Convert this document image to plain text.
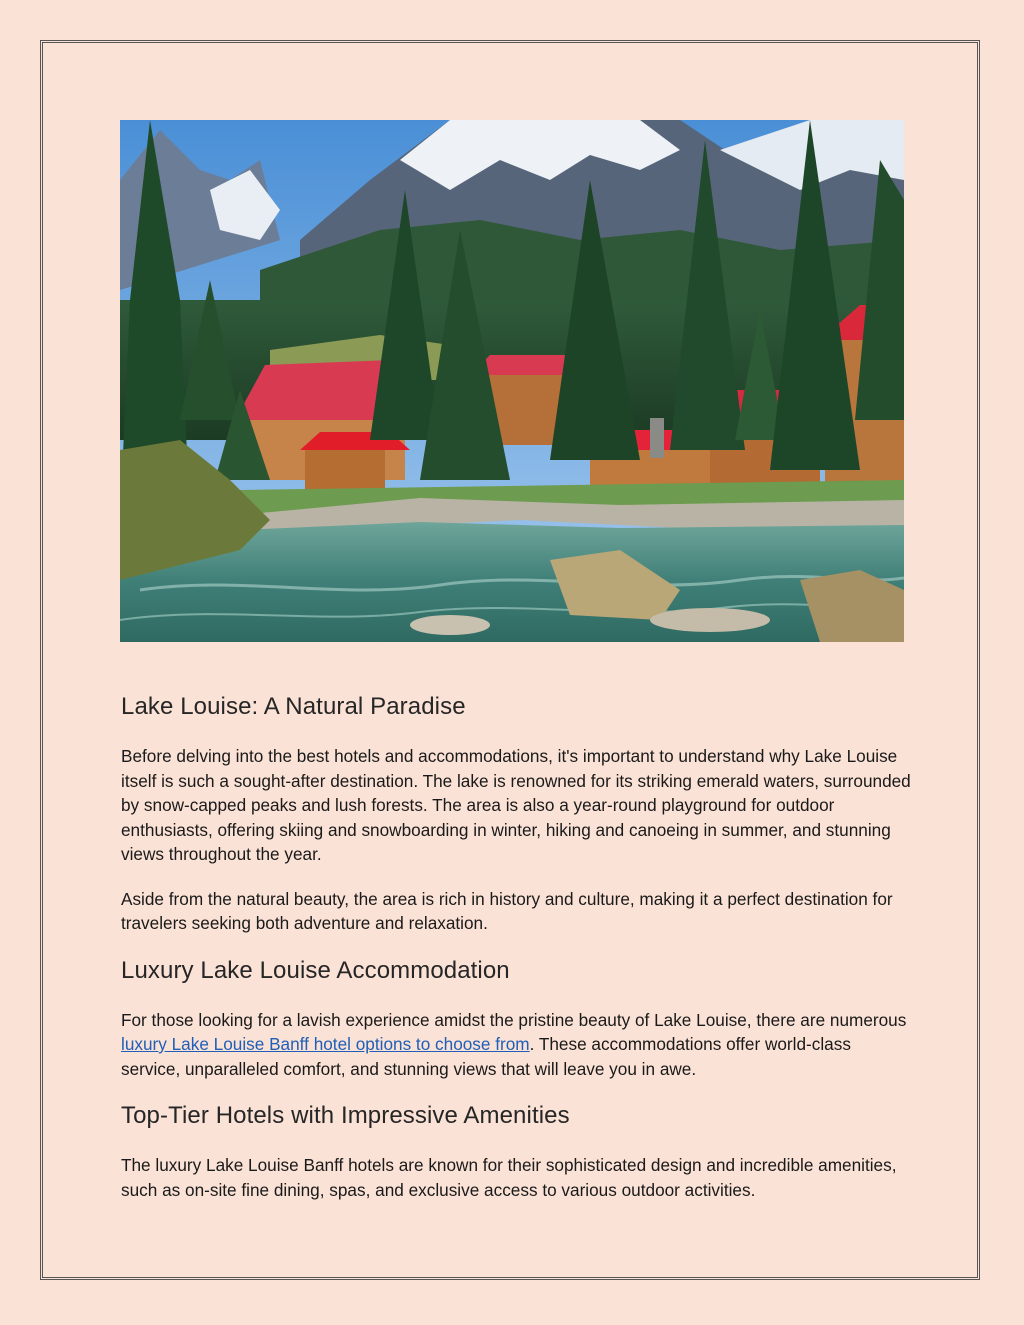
Lake Louise: A Natural Paradise

Before delving into the best hotels and accommodations, it's important to understand why Lake Louise itself is such a sought-after destination. The lake is renowned for its striking emerald waters, surrounded by snow-capped peaks and lush forests. The area is also a year-round playground for outdoor enthusiasts, offering skiing and snowboarding in winter, hiking and canoeing in summer, and stunning views throughout the year.

Aside from the natural beauty, the area is rich in history and culture, making it a perfect destination for travelers seeking both adventure and relaxation.

Luxury Lake Louise Accommodation

For those looking for a lavish experience amidst the pristine beauty of Lake Louise, there are numerous luxury Lake Louise Banff hotel options to choose from. These accommodations offer world-class service, unparalleled comfort, and stunning views that will leave you in awe.

Top-Tier Hotels with Impressive Amenities

The luxury Lake Louise Banff hotels are known for their sophisticated design and incredible amenities, such as on-site fine dining, spas, and exclusive access to various outdoor activities.
